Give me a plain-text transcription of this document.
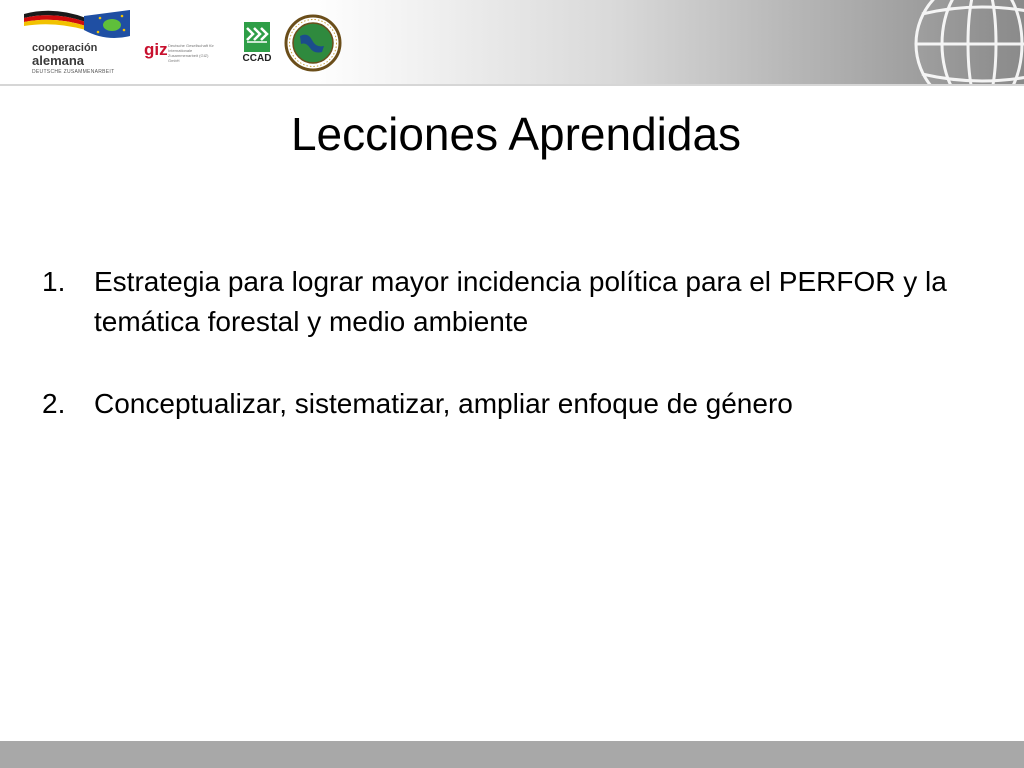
cooperación
alemana
DEUTSCHE ZUSAMMENARBEIT
giz Deutsche Gesellschaft für Internationale Zusammenarbeit (GIZ) GmbH	CCAD
Lecciones Aprendidas
1. Estrategia para lograr mayor incidencia política para el PERFOR y la temática forestal y medio ambiente
2. Conceptualizar, sistematizar, ampliar enfoque de género
